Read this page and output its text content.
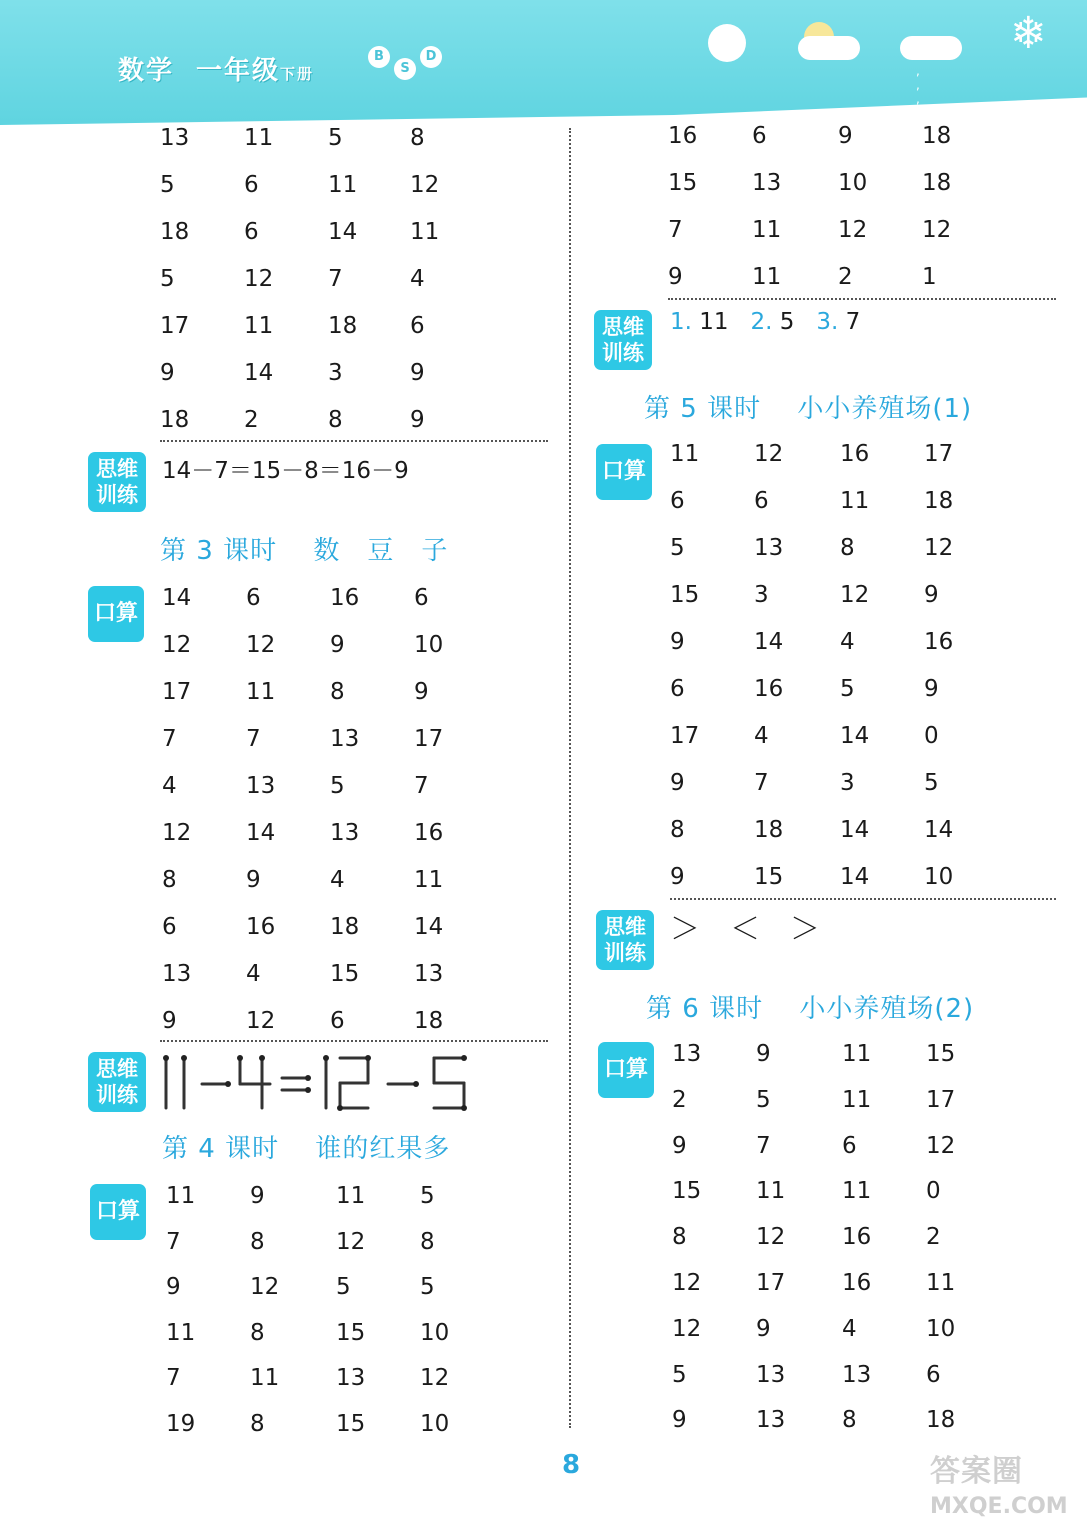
数学 一年级下册
B
S
D
, , ,
❄
13 11 5	8
5	6	11 12
18 6	14 11
5	12 7	4
17 11 18 6
9	14 3	9
18 2	8	9
14 6	16 6
12 12 9	10
17 11 8	9
7	7	13 17
4	13 5	7
12 14 13 16
8	9	4	11
6	16 18 14
13 4	15 13
9	12 6	18
11 9	11 5
7	8	12 8
9	12 5	5
11 8	15 10
7	11 13 12
19 8	15 10
16 6	9	18
15 13 10 18
7	11 12 12
9	11 2	1
11 12 16 17
6	6	11 18
5	13 8	12
15 3	12 9
9	14 4	16
6	16 5	9
17 4	14 0
9	7	3	5
8	18 14 14
9	15 14 10
13 9	11 15
2	5	11 17
9	7	6	12
15 11 11 0
8	12 16 2
12 17 16 11
12 9	4	10
5	13 13 6
9	13 8	18
思维
训练
14－7＝15－8＝16－9
第 3 课时　 数　豆　子
口算
思维
训练
第 4 课时　 谁的红果多
口算
思维
训练
1. 11 2. 5 3. 7
第 5 课时　 小小养殖场(1)
口算
思维
训练
＞　＜　＞
第 6 课时　 小小养殖场(2)
口算
8	答案圈
MXQE.COM
